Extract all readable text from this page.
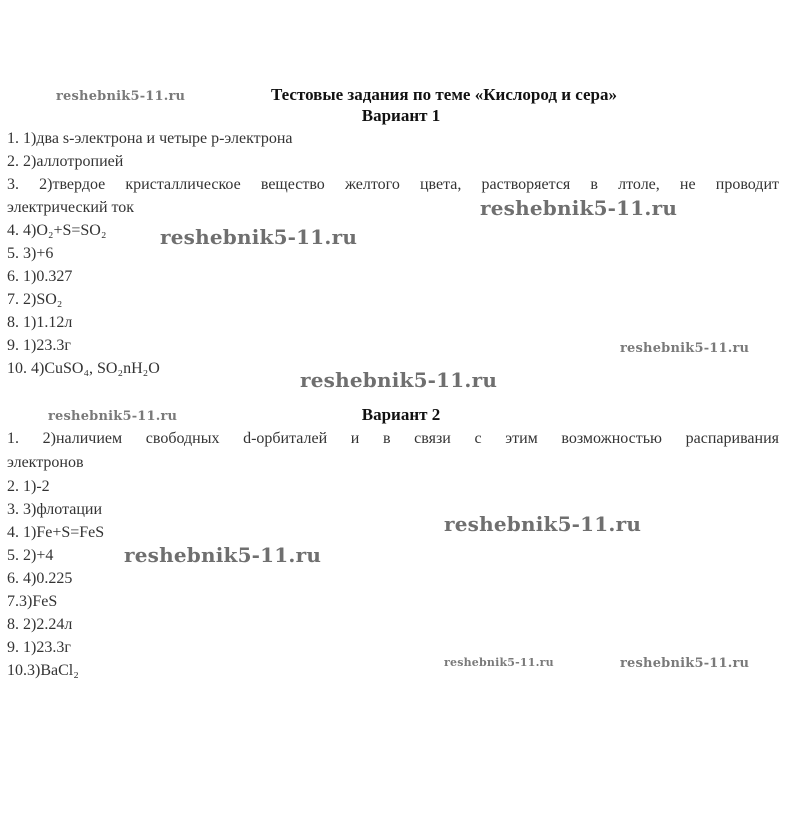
Тестовые задания по теме «Кислород и сера»
Вариант 1
1. 1)два s-электрона и четыре р-электрона
2. 2)аллотропией
3. 2)твердое кристаллическое вещество желтого цвета, растворяется в лтоле, не проводит
электрический ток
4. 4)O₂+S=SO₂
5. 3)+6
6. 1)0.327
7. 2)SO₂
8. 1)1.12л
9. 1)23.3г
10. 4)CuSO₄, SO₂nH₂O
Вариант 2
1. 2)наличием свободных d-орбиталей и в связи с этим возможностью распаривания
электронов
2. 1)-2
3. 3)флотации
4. 1)Fe+S=FeS
5. 2)+4
6. 4)0.225
7.3)FeS
8. 2)2.24л
9. 1)23.3г
10.3)BaCl₂
reshebnik5-11.ru
reshebnik5-11.ru
reshebnik5-11.ru
reshebnik5-11.ru
reshebnik5-11.ru
reshebnik5-11.ru
reshebnik5-11.ru
reshebnik5-11.ru
reshebnik5-11.ru	reshebnik5-11.ru
